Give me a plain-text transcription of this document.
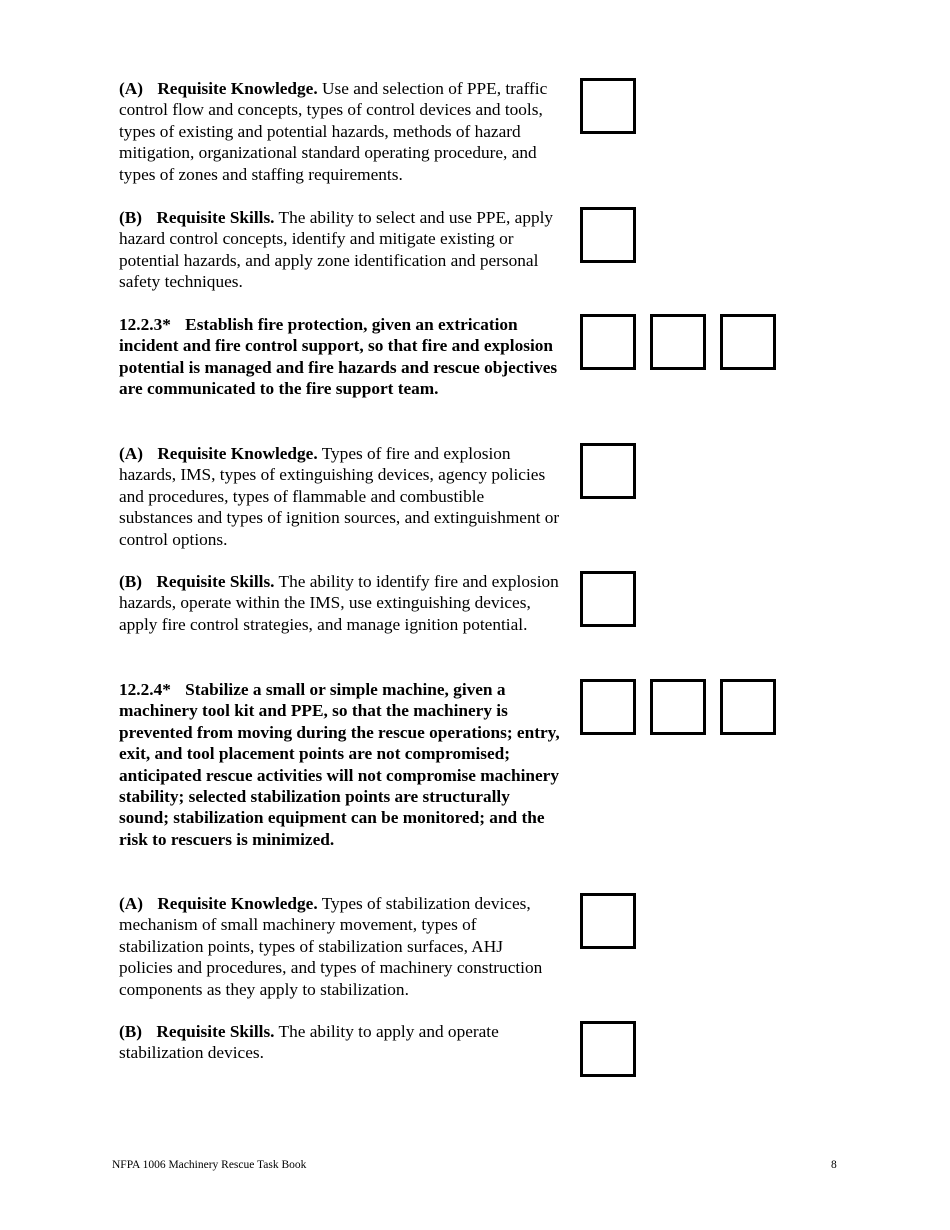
(A) Requisite Knowledge. Use and selection of PPE, traffic control flow and concepts, types of control devices and tools, types of existing and potential hazards, methods of hazard mitigation, organizational standard operating procedure, and types of zones and staffing requirements.

(B) Requisite Skills. The ability to select and use PPE, apply hazard control concepts, identify and mitigate existing or potential hazards, and apply zone identification and personal safety techniques.

12.2.3* Establish fire protection, given an extrication incident and fire control support, so that fire and explosion potential is managed and fire hazards and rescue objectives are communicated to the fire support team.

(A) Requisite Knowledge. Types of fire and explosion hazards, IMS, types of extinguishing devices, agency policies and procedures, types of flammable and combustible substances and types of ignition sources, and extinguishment or control options.

(B) Requisite Skills. The ability to identify fire and explosion hazards, operate within the IMS, use extinguishing devices, apply fire control strategies, and manage ignition potential.

12.2.4* Stabilize a small or simple machine, given a machinery tool kit and PPE, so that the machinery is prevented from moving during the rescue operations; entry, exit, and tool placement points are not compromised; anticipated rescue activities will not compromise machinery stability; selected stabilization points are structurally sound; stabilization equipment can be monitored; and the risk to rescuers is minimized.

(A) Requisite Knowledge. Types of stabilization devices, mechanism of small machinery movement, types of stabilization points, types of stabilization surfaces, AHJ policies and procedures, and types of machinery construction components as they apply to stabilization.

(B) Requisite Skills. The ability to apply and operate stabilization devices.

NFPA 1006 Machinery Rescue Task Book	8
